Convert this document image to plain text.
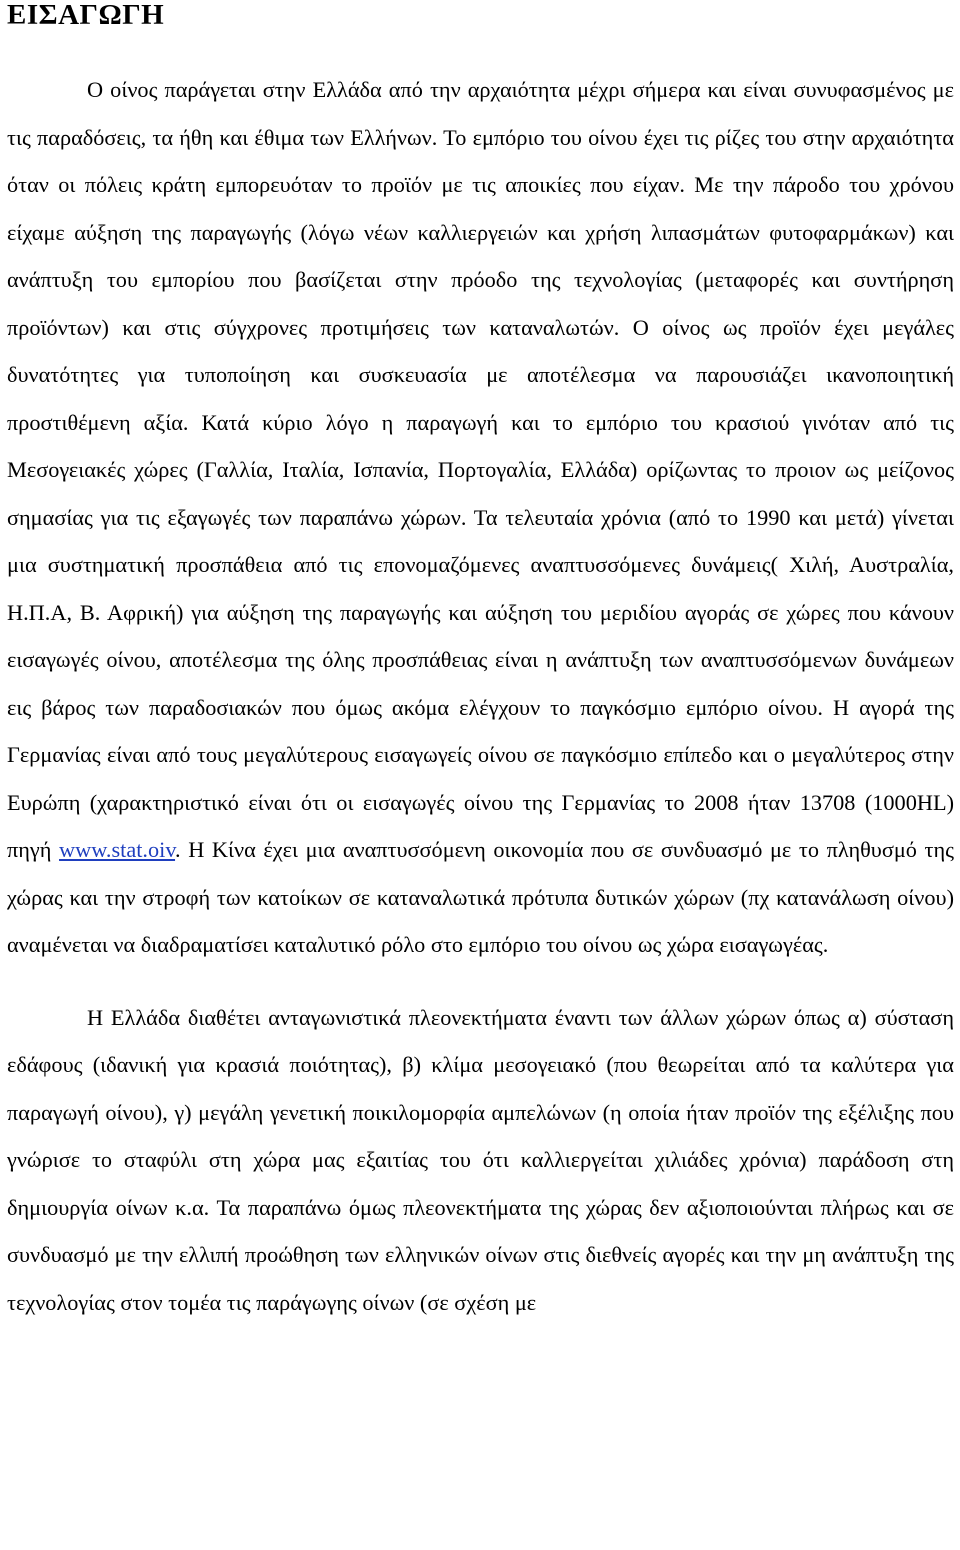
ΕΙΣΑΓΩΓΗ

Ο οίνος παράγεται στην Ελλάδα από την αρχαιότητα μέχρι σήμερα και είναι συνυφασμένος με τις παραδόσεις, τα ήθη και έθιμα των Ελλήνων. Το εμπόριο του οίνου έχει τις ρίζες του στην αρχαιότητα όταν οι πόλεις κράτη εμπορευόταν το προϊόν με τις αποικίες που είχαν. Με την πάροδο του χρόνου είχαμε αύξηση της παραγωγής (λόγω νέων καλλιεργειών και χρήση λιπασμάτων φυτοφαρμάκων) και ανάπτυξη του εμπορίου που βασίζεται στην πρόοδο της τεχνολογίας (μεταφορές και συντήρηση προϊόντων) και στις σύγχρονες προτιμήσεις των καταναλωτών. Ο οίνος ως προϊόν έχει μεγάλες δυνατότητες για τυποποίηση και συσκευασία με αποτέλεσμα να παρουσιάζει ικανοποιητική προστιθέμενη αξία. Κατά κύριο λόγο η παραγωγή και το εμπόριο του κρασιού γινόταν από τις Μεσογειακές χώρες (Γαλλία, Ιταλία, Ισπανία, Πορτογαλία, Ελλάδα) ορίζωντας το προιον ως μείζονος σημασίας για τις εξαγωγές των παραπάνω χώρων. Τα τελευταία χρόνια (από το 1990 και μετά) γίνεται μια συστηματική προσπάθεια από τις επονομαζόμενες αναπτυσσόμενες δυνάμεις( Χιλή, Αυστραλία, Η.Π.Α, Β. Αφρική) για αύξηση της παραγωγής και αύξηση του μεριδίου αγοράς σε χώρες που κάνουν εισαγωγές οίνου, αποτέλεσμα της όλης προσπάθειας είναι η ανάπτυξη των αναπτυσσόμενων δυνάμεων εις βάρος των παραδοσιακών που όμως ακόμα ελέγχουν το παγκόσμιο εμπόριο οίνου. Η αγορά της Γερμανίας είναι από τους μεγαλύτερους εισαγωγείς οίνου σε παγκόσμιο επίπεδο και ο μεγαλύτερος στην Ευρώπη (χαρακτηριστικό είναι ότι οι εισαγωγές οίνου της Γερμανίας το 2008 ήταν 13708 (1000HL) πηγή www.stat.oiv. Η Κίνα έχει μια αναπτυσσόμενη οικονομία που σε συνδυασμό με το πληθυσμό της χώρας και την στροφή των κατοίκων σε καταναλωτικά πρότυπα δυτικών χώρων (πχ κατανάλωση οίνου) αναμένεται να διαδραματίσει καταλυτικό ρόλο στο εμπόριο του οίνου ως χώρα εισαγωγέας.

Η Ελλάδα διαθέτει ανταγωνιστικά πλεονεκτήματα έναντι των άλλων χώρων όπως α) σύσταση εδάφους (ιδανική για κρασιά ποιότητας), β) κλίμα μεσογειακό (που θεωρείται από τα καλύτερα για παραγωγή οίνου), γ) μεγάλη γενετική ποικιλομορφία αμπελώνων (η οποία ήταν προϊόν της εξέλιξης που γνώρισε το σταφύλι στη χώρα μας εξαιτίας του ότι καλλιεργείται χιλιάδες χρόνια) παράδοση στη δημιουργία οίνων κ.α. Τα παραπάνω όμως πλεονεκτήματα της χώρας δεν αξιοποιούνται πλήρως και σε συνδυασμό με την ελλιπή προώθηση των ελληνικών οίνων στις διεθνείς αγορές και την μη ανάπτυξη της τεχνολογίας στον τομέα τις παράγωγης οίνων (σε σχέση με
